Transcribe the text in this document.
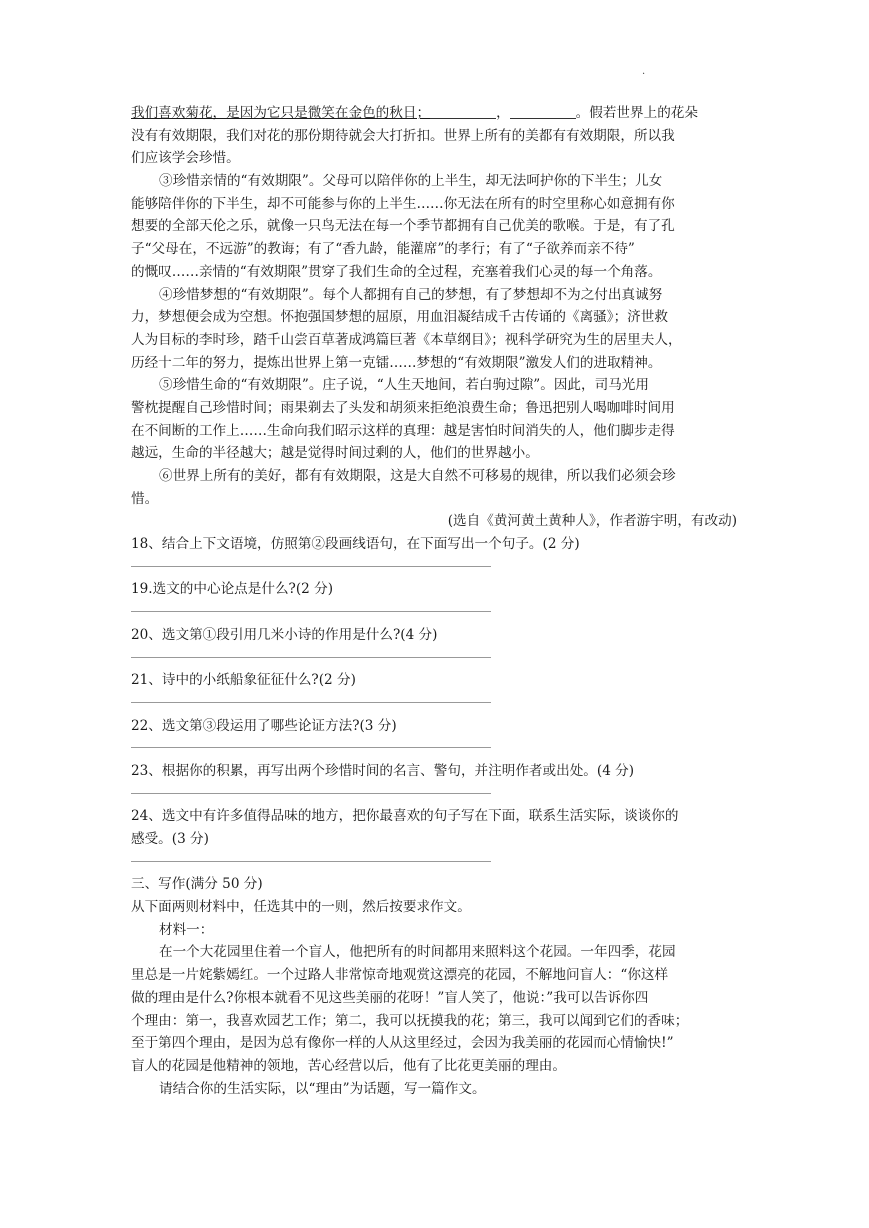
.
我们喜欢菊花，是因为它只是微笑在金色的秋日；	，	。假若世界上的花朵
没有有效期限，我们对花的那份期待就会大打折扣。世界上所有的美都有有效期限，所以我
们应该学会珍惜。
③珍惜亲情的“有效期限”。父母可以陪伴你的上半生，却无法呵护你的下半生；儿女
能够陪伴你的下半生，却不可能参与你的上半生……你无法在所有的时空里称心如意拥有你
想要的全部天伦之乐，就像一只鸟无法在每一个季节都拥有自己优美的歌喉。于是，有了孔
子“父母在，不远游”的教诲；有了“香九龄，能灌席”的孝行；有了“子欲养而亲不待”
的慨叹……亲情的“有效期限”贯穿了我们生命的全过程，充塞着我们心灵的每一个角落。
④珍惜梦想的“有效期限”。每个人都拥有自己的梦想，有了梦想却不为之付出真诚努
力，梦想便会成为空想。怀抱强国梦想的屈原，用血泪凝结成千古传诵的《离骚》；济世救
人为目标的李时珍，踏千山尝百草著成鸿篇巨著《本草纲目》；视科学研究为生的居里夫人，
历经十二年的努力，提炼出世界上第一克镭……梦想的“有效期限”激发人们的进取精神。
⑤珍惜生命的“有效期限”。庄子说，“人生天地间，若白驹过隙”。因此，司马光用
警枕提醒自己珍惜时间；雨果剃去了头发和胡须来拒绝浪费生命；鲁迅把别人喝咖啡时间用
在不间断的工作上……生命向我们昭示这样的真理：越是害怕时间消失的人，他们脚步走得
越远，生命的半径越大；越是觉得时间过剩的人，他们的世界越小。
⑥世界上所有的美好，都有有效期限，这是大自然不可移易的规律，所以我们必须会珍
惜。
(选自《黄河黄土黄种人》，作者游宇明，有改动)
18、结合上下文语境，仿照第②段画线语句，在下面写出一个句子。(2 分)
19.选文的中心论点是什么?(2 分)
20、选文第①段引用几米小诗的作用是什么?(4 分)
21、诗中的小纸船象征征什么?(2 分)
22、选文第③段运用了哪些论证方法?(3 分)
23、根据你的积累，再写出两个珍惜时间的名言、警句，并注明作者或出处。(4 分)
24、选文中有许多值得品味的地方，把你最喜欢的句子写在下面，联系生活实际，谈谈你的
感受。(3 分)
三、写作(满分 50 分)
从下面两则材料中，任选其中的一则，然后按要求作文。
材料一：
在一个大花园里住着一个盲人，他把所有的时间都用来照料这个花园。一年四季，花园
里总是一片姹紫嫣红。一个过路人非常惊奇地观赏这漂亮的花园，不解地问盲人：“你这样
做的理由是什么?你根本就看不见这些美丽的花呀！”盲人笑了，他说：”我可以告诉你四
个理由：第一，我喜欢园艺工作；第二，我可以抚摸我的花；第三，我可以闻到它们的香味；
至于第四个理由，是因为总有像你一样的人从这里经过，会因为我美丽的花园而心情愉快!”
盲人的花园是他精神的领地，苦心经营以后，他有了比花更美丽的理由。
请结合你的生活实际，以“理由”为话题，写一篇作文。
